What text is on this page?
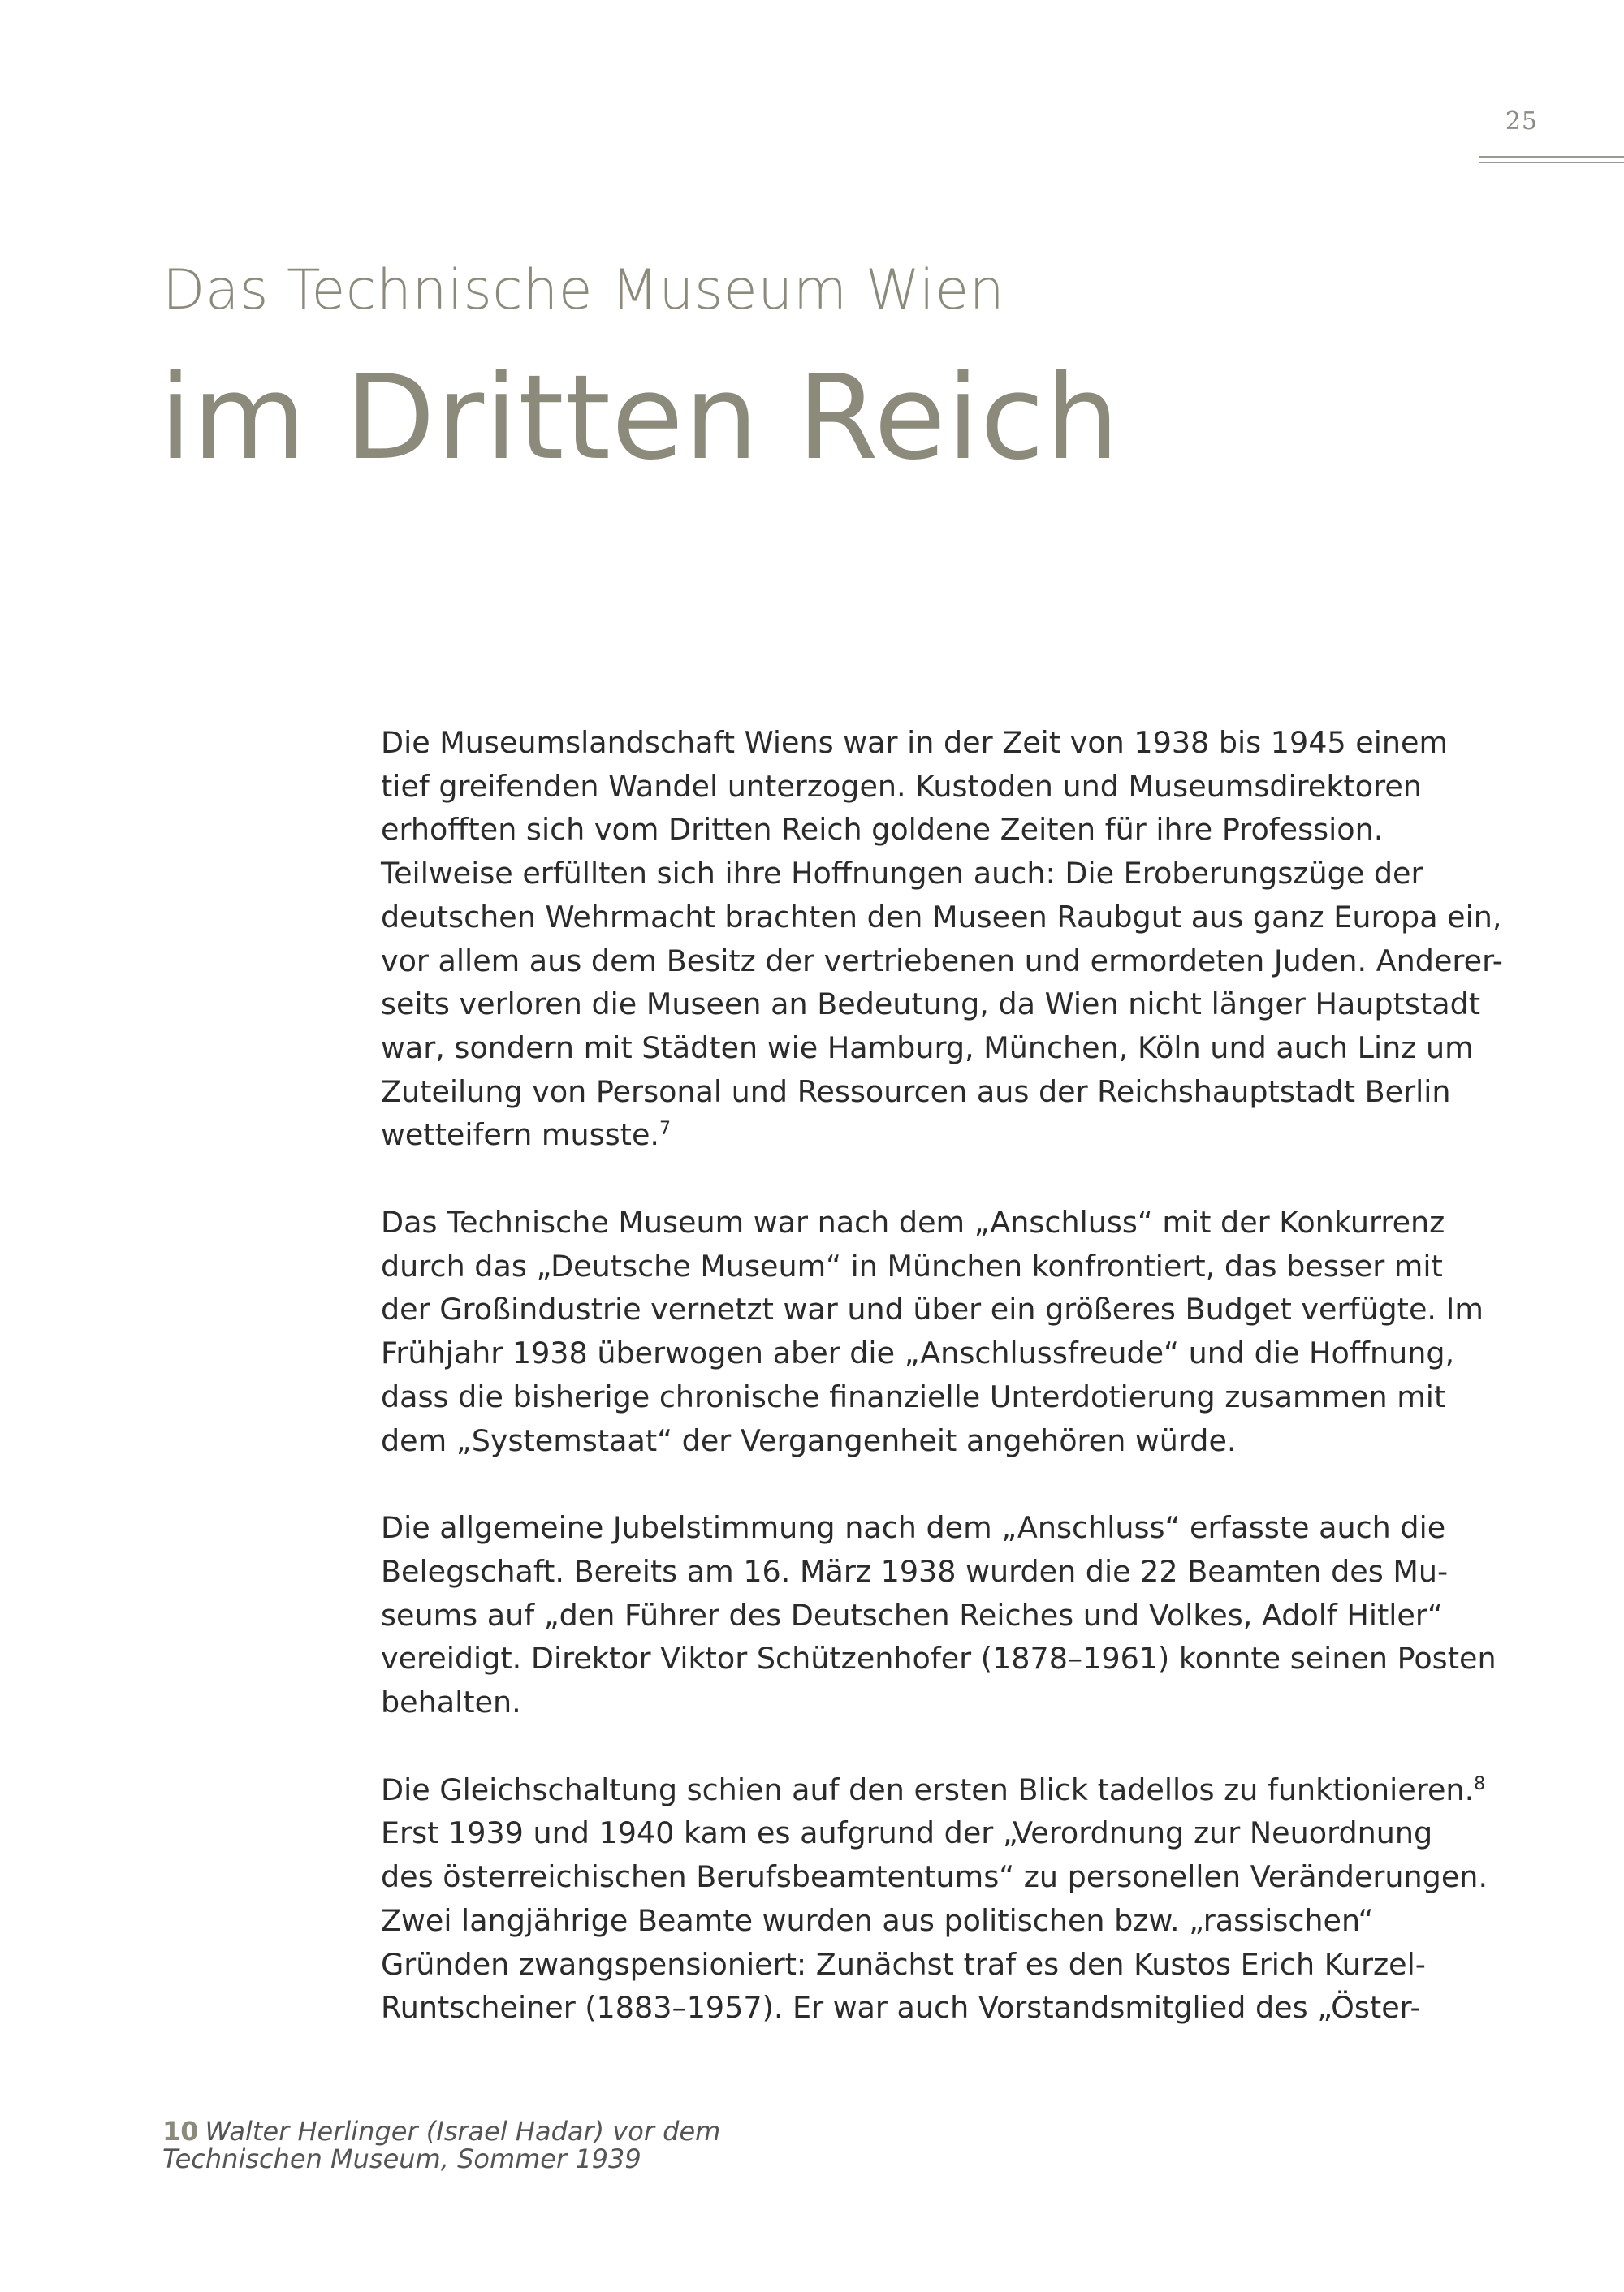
25
Das Technische Museum Wien
im Dritten Reich

Die Museumslandschaft Wiens war in der Zeit von 1938 bis 1945 einem
tief greifenden Wandel unterzogen. Kustoden und Museumsdirektoren
erhofften sich vom Dritten Reich goldene Zeiten für ihre Profession.
Teilweise erfüllten sich ihre Hoffnungen auch: Die Eroberungszüge der
deutschen Wehrmacht brachten den Museen Raubgut aus ganz Europa ein,
vor allem aus dem Besitz der vertriebenen und ermordeten Juden. Anderer-
seits verloren die Museen an Bedeutung, da Wien nicht länger Hauptstadt
war, sondern mit Städten wie Hamburg, München, Köln und auch Linz um
Zuteilung von Personal und Ressourcen aus der Reichshauptstadt Berlin
wetteifern musste.$^7$

Das Technische Museum war nach dem „Anschluss“ mit der Konkurrenz
durch das „Deutsche Museum“ in München konfrontiert, das besser mit
der Großindustrie vernetzt war und über ein größeres Budget verfügte. Im
Frühjahr 1938 überwogen aber die „Anschlussfreude“ und die Hoffnung,
dass die bisherige chronische finanzielle Unterdotierung zusammen mit
dem „Systemstaat“ der Vergangenheit angehören würde.

Die allgemeine Jubelstimmung nach dem „Anschluss“ erfasste auch die
Belegschaft. Bereits am 16. März 1938 wurden die 22 Beamten des Mu-
seums auf „den Führer des Deutschen Reiches und Volkes, Adolf Hitler“
vereidigt. Direktor Viktor Schützenhofer (1878–1961) konnte seinen Posten
behalten.

Die Gleichschaltung schien auf den ersten Blick tadellos zu funktionieren.$^8$
Erst 1939 und 1940 kam es aufgrund der „Verordnung zur Neuordnung
des österreichischen Berufsbeamtentums“ zu personellen Veränderungen.
Zwei langjährige Beamte wurden aus politischen bzw. „rassischen“
Gründen zwangspensioniert: Zunächst traf es den Kustos Erich Kurzel-
Runtscheiner (1883–1957). Er war auch Vorstandsmitglied des „Öster-

10 Walter Herlinger (Israel Hadar) vor dem
Technischen Museum, Sommer 1939
